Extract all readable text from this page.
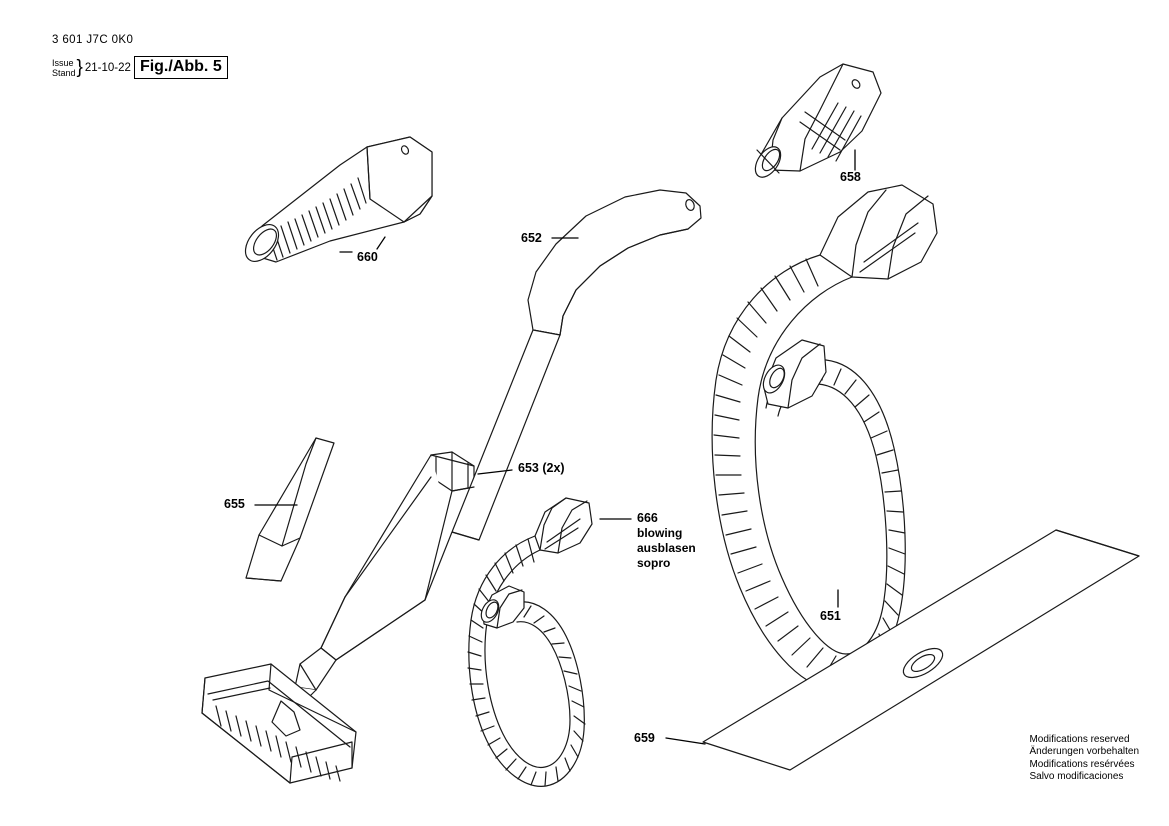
3 601 J7C 0K0
Issue
Stand } 21-10-22 Fig./Abb. 5
660
652
658
653 (2x)
655
666
blowing
ausblasen
sopro
651
659	Modifications reserved
Änderungen vorbehalten
Modifications resérvées
Salvo modificaciones
